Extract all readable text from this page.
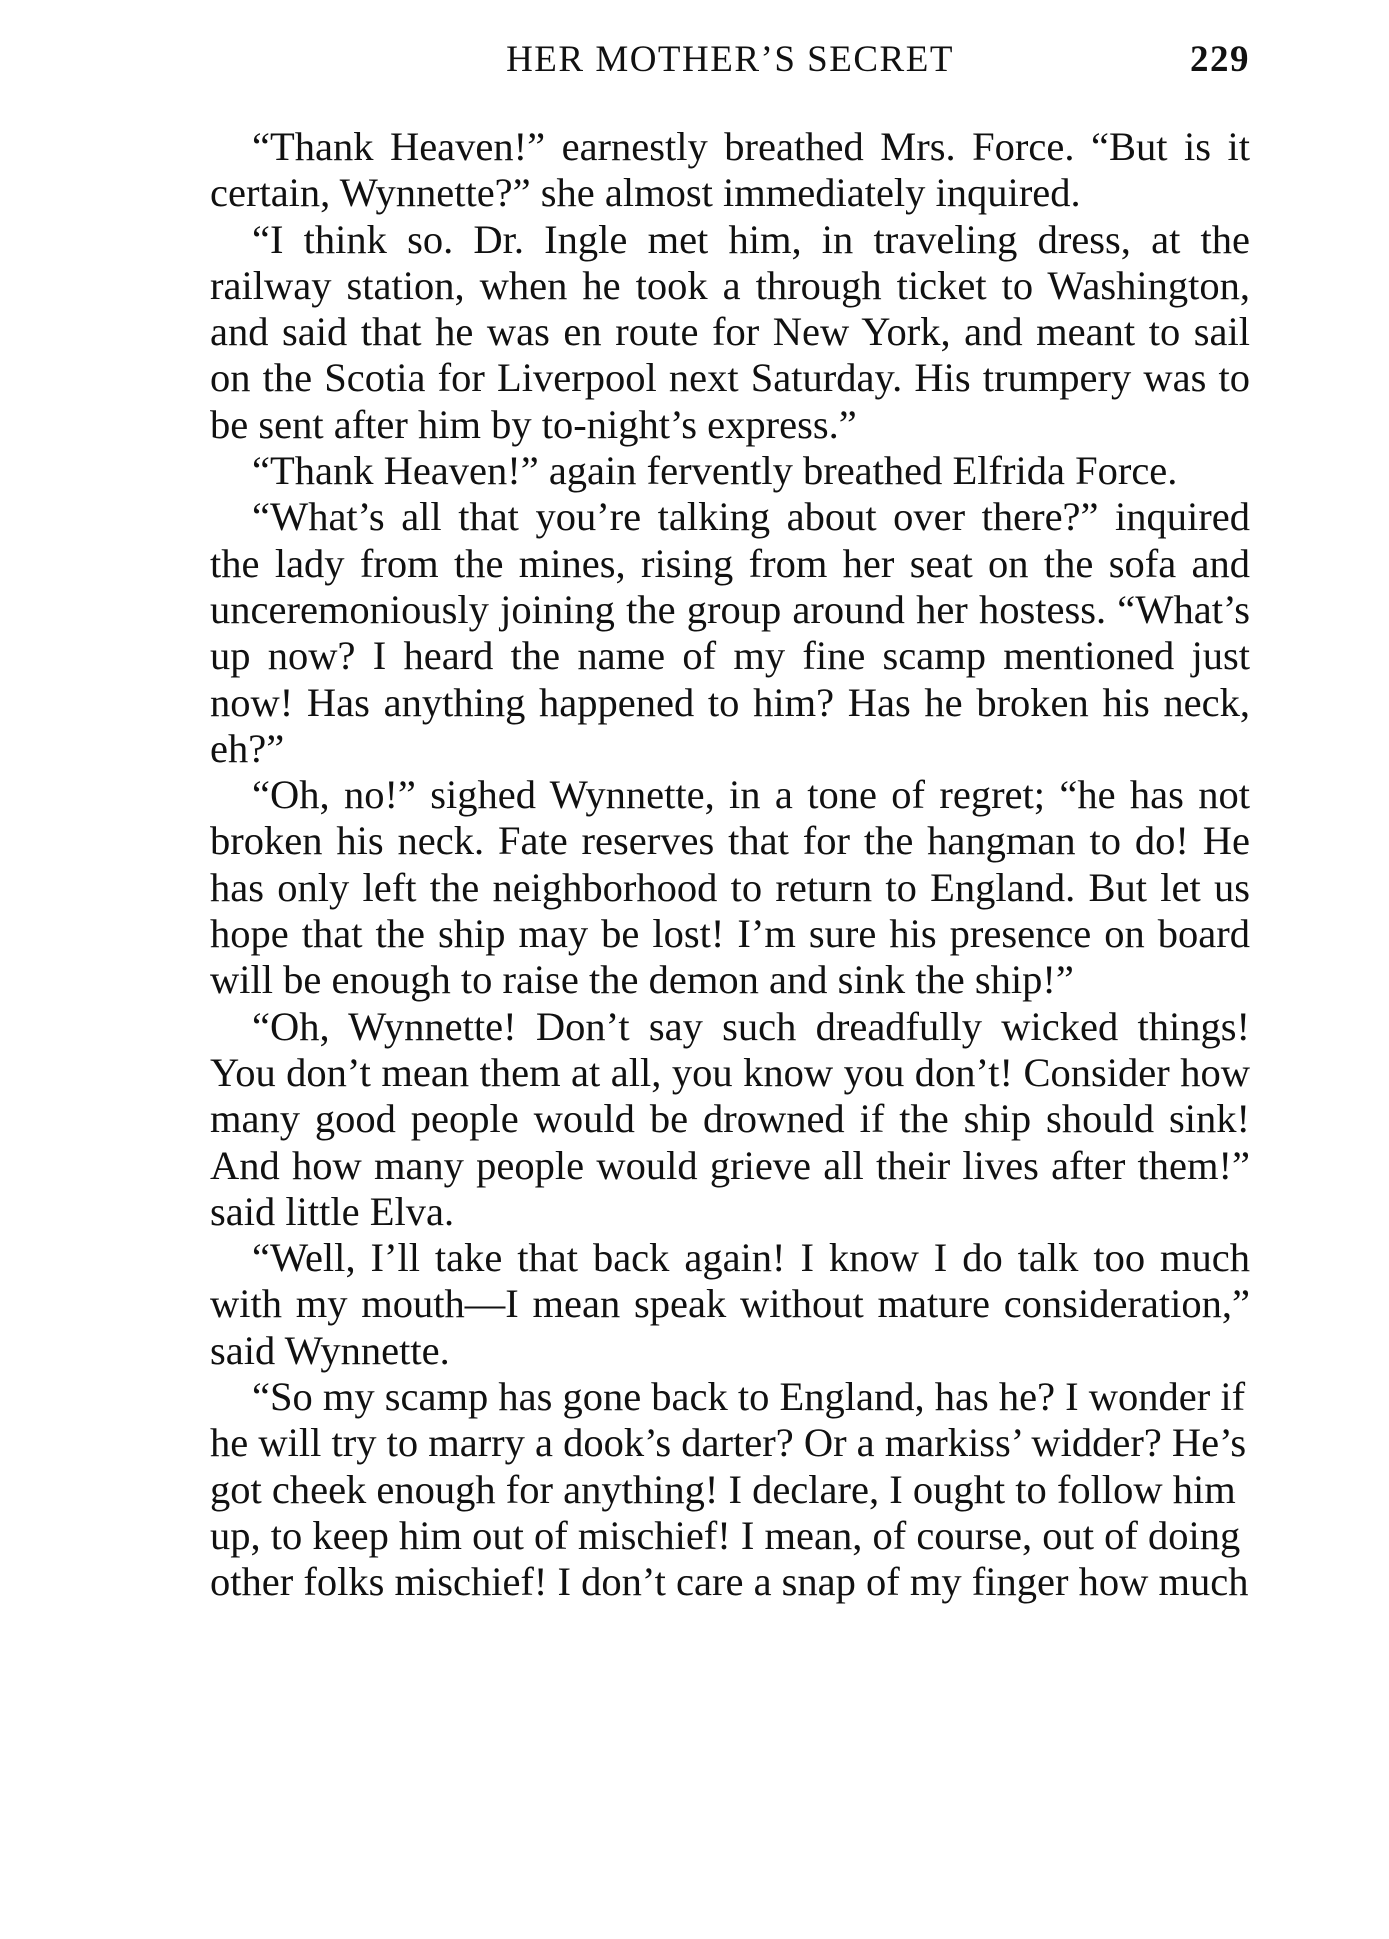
HER MOTHER’S SECRET	229

“Thank Heaven!” earnestly breathed Mrs. Force. “But is it certain, Wynnette?” she almost immediately inquired.

“I think so. Dr. Ingle met him, in traveling dress, at the railway station, when he took a through ticket to Washington, and said that he was en route for New York, and meant to sail on the Scotia for Liverpool next Saturday. His trumpery was to be sent after him by to-night’s express.”

“Thank Heaven!” again fervently breathed Elfrida Force.

“What’s all that you’re talking about over there?” inquired the lady from the mines, rising from her seat on the sofa and unceremoniously joining the group around her hostess. “What’s up now? I heard the name of my fine scamp mentioned just now! Has anything happened to him? Has he broken his neck, eh?”

“Oh, no!” sighed Wynnette, in a tone of regret; “he has not broken his neck. Fate reserves that for the hangman to do! He has only left the neighborhood to return to England. But let us hope that the ship may be lost! I’m sure his presence on board will be enough to raise the demon and sink the ship!”

“Oh, Wynnette! Don’t say such dreadfully wicked things! You don’t mean them at all, you know you don’t! Consider how many good people would be drowned if the ship should sink! And how many people would grieve all their lives after them!” said little Elva.

“Well, I’ll take that back again! I know I do talk too much with my mouth—I mean speak without mature consideration,” said Wynnette.

“So my scamp has gone back to England, has he? I wonder if he will try to marry a dook’s darter? Or a markiss’ widder? He’s got cheek enough for anything! I declare, I ought to follow him up, to keep him out of mischief! I mean, of course, out of doing other folks mischief! I don’t care a snap of my finger how much
